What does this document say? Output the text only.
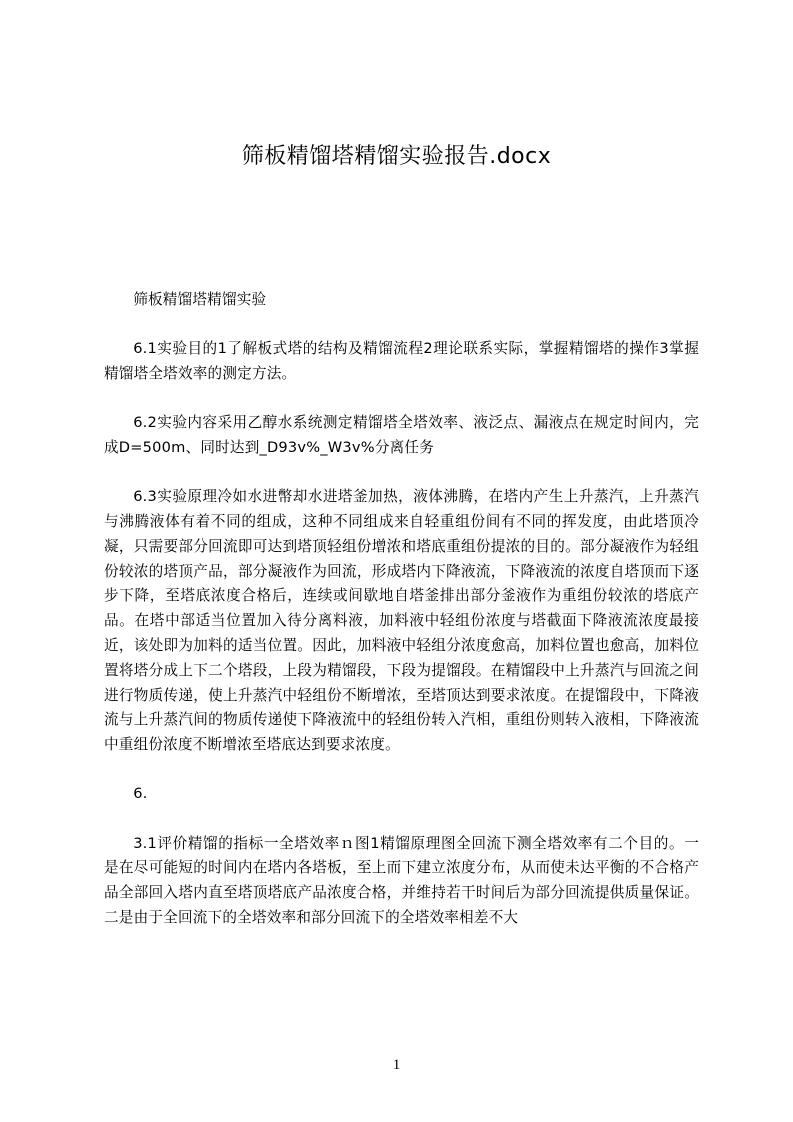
筛板精馏塔精馏实验报告.docx

筛板精馏塔精馏实验

6.1实验目的1了解板式塔的结构及精馏流程2理论联系实际，掌握精馏塔的操作3掌握精馏塔全塔效率的测定方法。

6.2实验内容采用乙醇水系统测定精馏塔全塔效率、液泛点、漏液点在规定时间内，完成D=500m、同时达到_D93v%_W3v%分离任务

6.3实验原理冷如水进幣却水进塔釜加热，液体沸腾，在塔内产生上升蒸汽，上升蒸汽与沸腾液体有着不同的组成，这种不同组成来自轻重组份间有不同的挥发度，由此塔顶冷凝，只需要部分回流即可达到塔顶轻组份增浓和塔底重组份提浓的目的。部分凝液作为轻组份较浓的塔顶产品，部分凝液作为回流，形成塔内下降液流，下降液流的浓度自塔顶而下逐步下降，至塔底浓度合格后，连续或间歇地自塔釜排出部分釜液作为重组份较浓的塔底产品。在塔中部适当位置加入待分离料液，加料液中轻组份浓度与塔截面下降液流浓度最接近，该处即为加料的适当位置。因此，加料液中轻组分浓度愈高，加料位置也愈高，加料位置将塔分成上下二个塔段，上段为精馏段，下段为提馏段。在精馏段中上升蒸汽与回流之间进行物质传递，使上升蒸汽中轻组份不断增浓，至塔顶达到要求浓度。在提馏段中，下降液流与上升蒸汽间的物质传递使下降液流中的轻组份转入汽相，重组份则转入液相，下降液流中重组份浓度不断增浓至塔底达到要求浓度。

6.

3.1评价精馏的指标一全塔效率ｎ图1精馏原理图全回流下测全塔效率有二个目的。一是在尽可能短的时间内在塔内各塔板，至上而下建立浓度分布，从而使未达平衡的不合格产品全部回入塔内直至塔顶塔底产品浓度合格，并维持若干时间后为部分回流提供质量保证。二是由于全回流下的全塔效率和部分回流下的全塔效率相差不大

1
